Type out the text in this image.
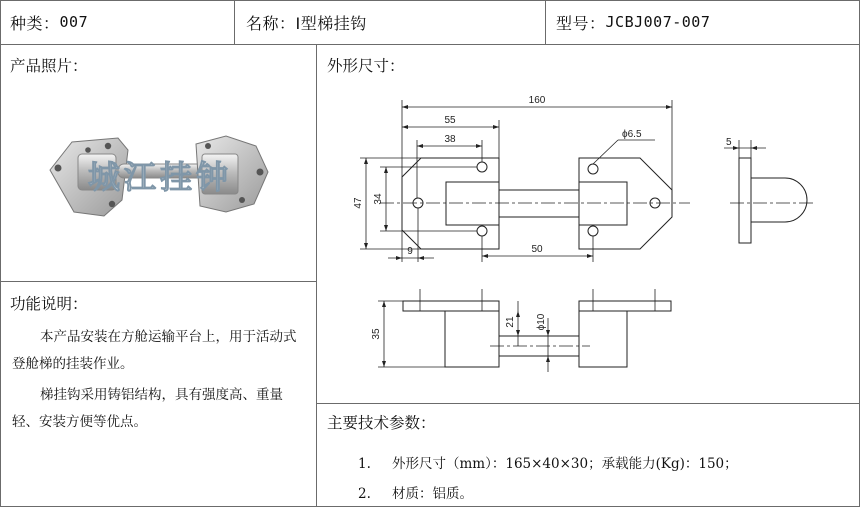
种类： 007	名称： Ⅰ型梯挂钩	型号： JCBJ007-007
产品照片：
城江挂钟
功能说明：
本产品安装在方舱运输平台上，用于活动式登舱梯的挂装作业。
梯挂钩采用铸铝结构，具有强度高、重量轻、安装方便等优点。
外形尺寸：
160
55
38	ϕ6.5
5
47 34
9	50
35
21 ϕ10
主要技术参数：
1. 外形尺寸（mm）：165×40×30；承载能力(Kg)：150；
2. 材质：铝质。
